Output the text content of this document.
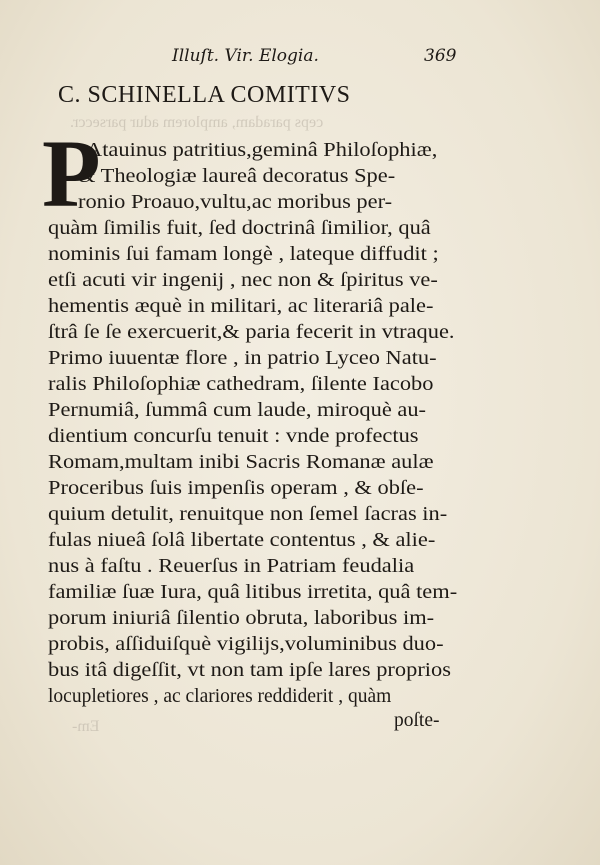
Illuſt. Vir. Elogia.	369
C. SCHINELLA COMITIVS
ceps paradam, amplorem adur parseccr.
P
Atauinus patritius,geminâ Philoſophiæ,
& Theologiæ laureâ decoratus Spe-
ronio Proauo,vultu,ac moribus per-
quàm ſimilis fuit, ſed doctrinâ ſimilior, quâ
nominis ſui famam longè , lateque diffudit ;
etſi acuti vir ingenij , nec non & ſpiritus ve-
hementis æquè in militari, ac literariâ pale-
ſtrâ ſe ſe exercuerit,& paria fecerit in vtraque.
Primo iuuentæ flore , in patrio Lyceo Natu-
ralis Philoſophiæ cathedram, ſilente Iacobo
Pernumiâ, ſummâ cum laude, miroquè au-
dientium concurſu tenuit : vnde profectus
Romam,multam inibi Sacris Romanæ aulæ
Proceribus ſuis impenſis operam , & obſe-
quium detulit, renuitque non ſemel ſacras in-
fulas niueâ ſolâ libertate contentus , & alie-
nus à faſtu . Reuerſus in Patriam feudalia
familiæ ſuæ Iura, quâ litibus irretita, quâ tem-
porum iniuriâ ſilentio obruta, laboribus im-
probis, aſſiduiſquè vigilijs,voluminibus duo-
bus itâ digeſſit, vt non tam ipſe lares proprios
locupletiores , ac clariores reddiderit , quàm
Em-	poſte-
